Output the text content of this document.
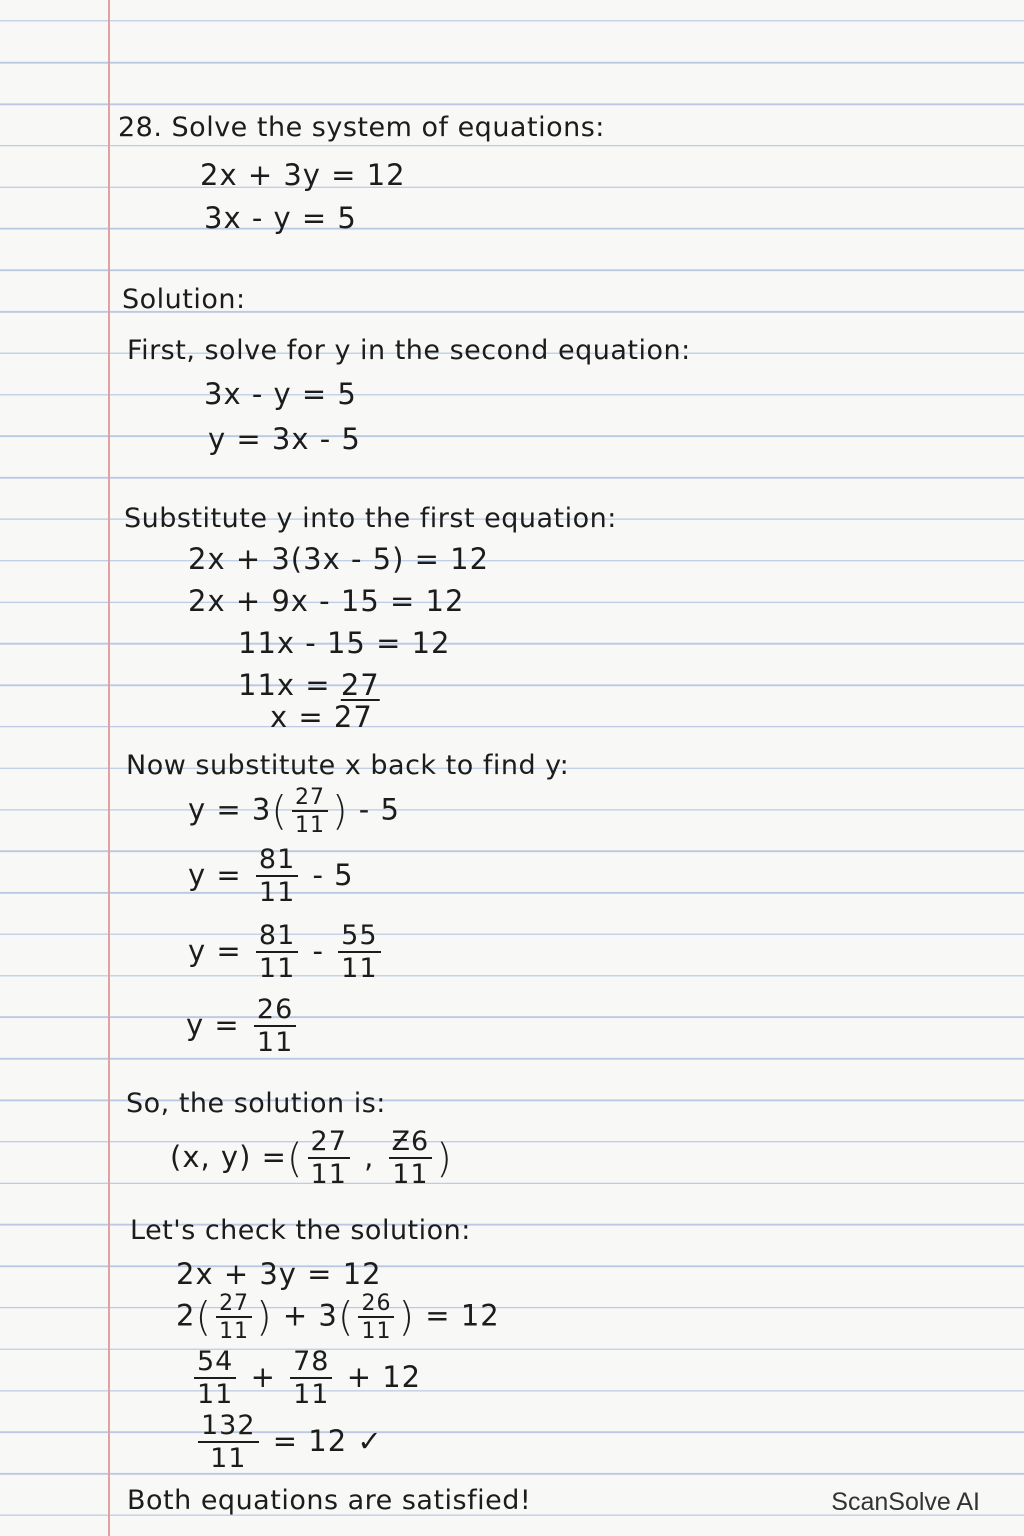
28. Solve the system of equations:
2x + 3y = 12
3x - y = 5
Solution:
First, solve for y in the second equation:
3x - y = 5
y = 3x - 5
Substitute y into the first equation:
2x + 3(3x - 5) = 12
2x + 9x - 15 = 12
11x - 15 = 12
11x = 27
x = 27
Now substitute x back to find y:
$y = 3( \frac{27}{11}$ ) - 5
$y = \frac{81}{11} - 5$
$y = \frac{81}{11} - \frac{55}{11}$
$y = \frac{26}{11}$
So, the solution is:
(x, y) =( $\frac{27}{11}$ , $\frac{Ƶ6}{11}$ )
Let's check the solution:
2x + 3y = 12
$2( \frac{27}{11}$ ) + $3( \frac{26}{11}$ ) = 12
$\frac{54}{11} + \frac{78}{11} + 12$
$\frac{132}{11} = 12$ ✓
Both equations are satisfied!	ScanSolve AI
